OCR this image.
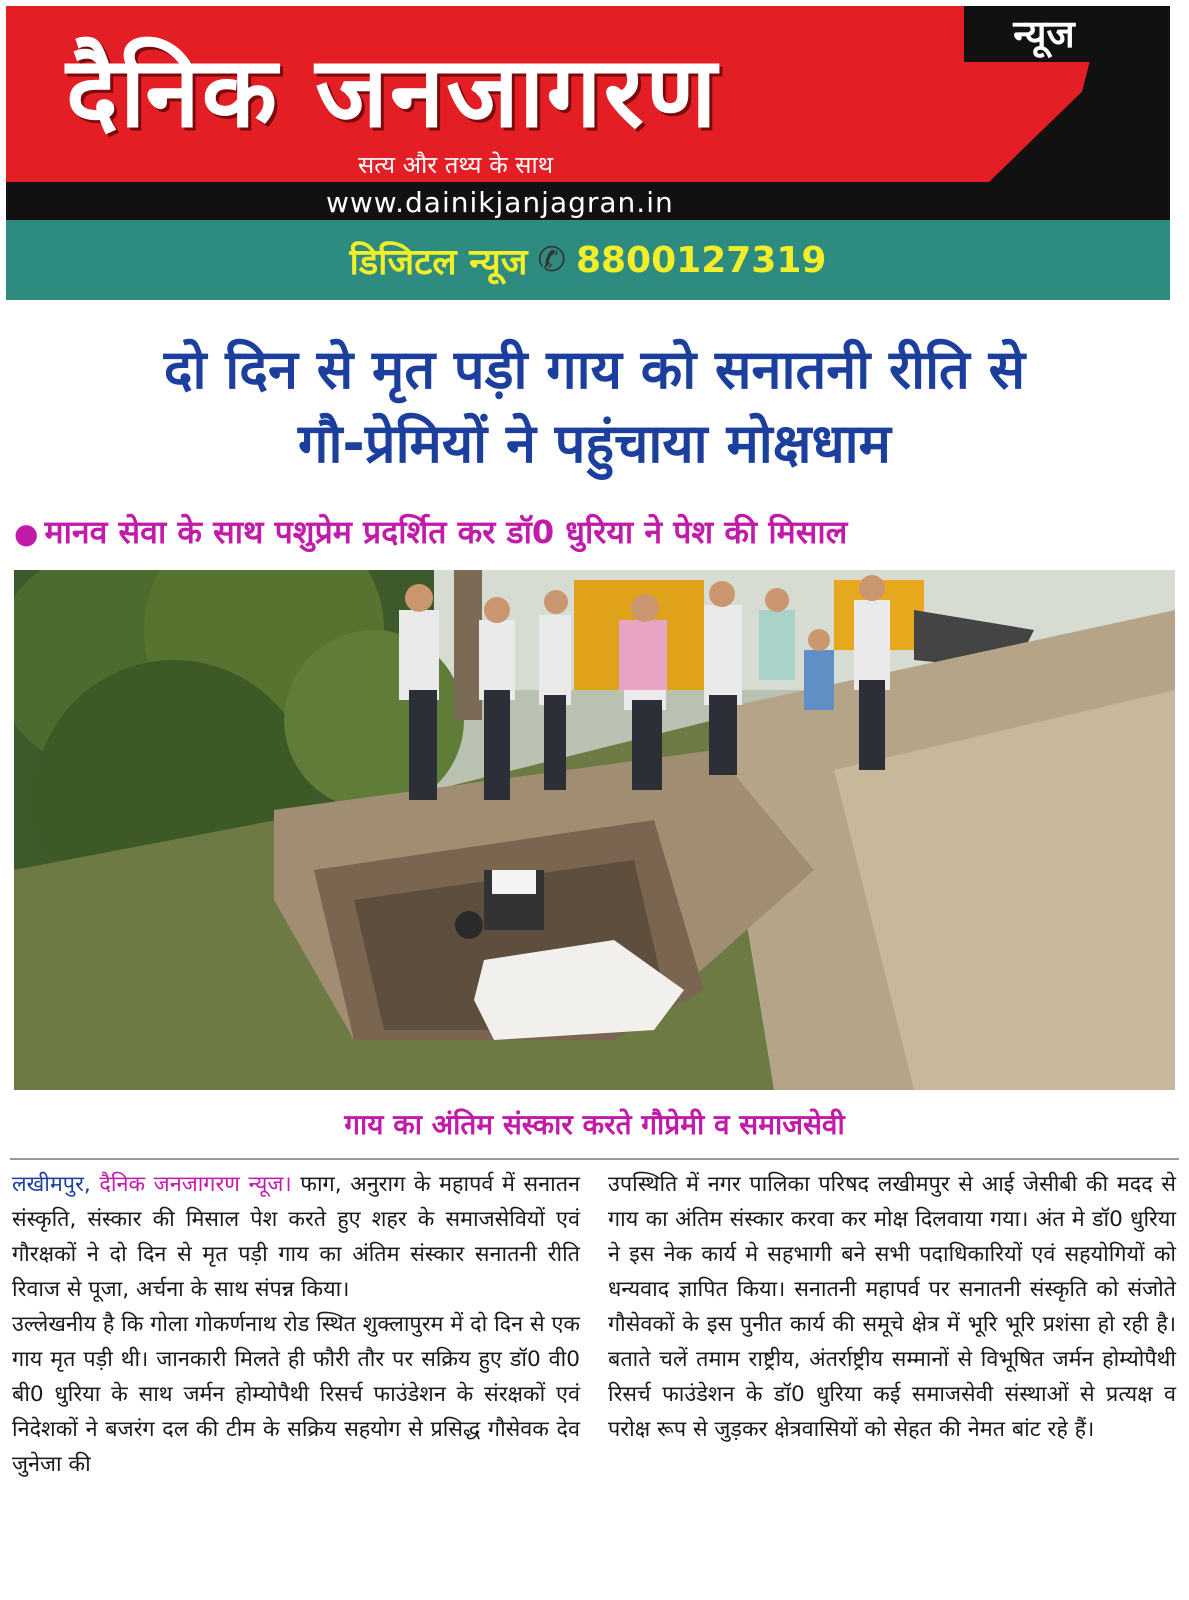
न्यूज
दैनिक जनजागरण
सत्य और तथ्य के साथ
www.dainikjanjagran.in
डिजिटल न्यूज ✆ 8800127319
दो दिन से मृत पड़ी गाय को सनातनी रीति से
गौ-प्रेमियों ने पहुंचाया मोक्षधाम
● मानव सेवा के साथ पशुप्रेम प्रदर्शित कर डॉ0 धुरिया ने पेश की मिसाल
गाय का अंतिम संस्कार करते गौप्रेमी व समाजसेवी

लखीमपुर, दैनिक जनजागरण न्यूज। फाग, अनुराग के महापर्व में सनातन संस्कृति, संस्कार की मिसाल पेश करते हुए शहर के समाजसेवियों एवं गौरक्षकों ने दो दिन से मृत पड़ी गाय का अंतिम संस्कार सनातनी रीति रिवाज से पूजा, अर्चना के साथ संपन्न किया।

उल्लेखनीय है कि गोला गोकर्णनाथ रोड स्थित शुक्लापुरम में दो दिन से एक गाय मृत पड़ी थी। जानकारी मिलते ही फौरी तौर पर सक्रिय हुए डॉ0 वी0 बी0 धुरिया के साथ जर्मन होम्योपैथी रिसर्च फाउंडेशन के संरक्षकों एवं निदेशकों ने बजरंग दल की टीम के सक्रिय सहयोग से प्रसिद्ध गौसेवक देव जुनेजा की

उपस्थिति में नगर पालिका परिषद लखीमपुर से आई जेसीबी की मदद से गाय का अंतिम संस्कार करवा कर मोक्ष दिलवाया गया। अंत मे डॉ0 धुरिया ने इस नेक कार्य मे सहभागी बने सभी पदाधिकारियों एवं सहयोगियों को धन्यवाद ज्ञापित किया। सनातनी महापर्व पर सनातनी संस्कृति को संजोते गौसेवकों के इस पुनीत कार्य की समूचे क्षेत्र में भूरि भूरि प्रशंसा हो रही है। बताते चलें तमाम राष्ट्रीय, अंतर्राष्ट्रीय सम्मानों से विभूषित जर्मन होम्योपैथी रिसर्च फाउंडेशन के डॉ0 धुरिया कई समाजसेवी संस्थाओं से प्रत्यक्ष व परोक्ष रूप से जुड़कर क्षेत्रवासियों को सेहत की नेमत बांट रहे हैं।
